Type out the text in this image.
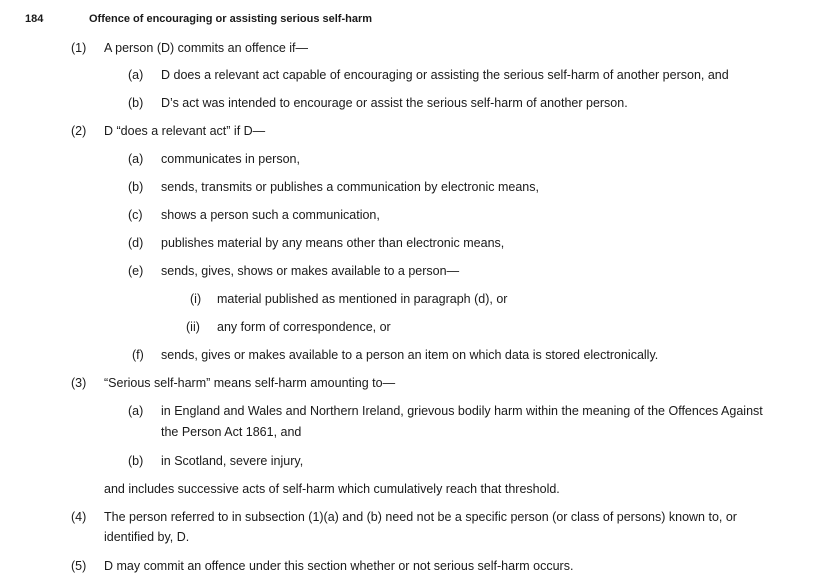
184	Offence of encouraging or assisting serious self-harm
(1) A person (D) commits an offence if—
(a) D does a relevant act capable of encouraging or assisting the serious self-harm of another person, and
(b) D’s act was intended to encourage or assist the serious self-harm of another person.
(2) D “does a relevant act” if D—
(a) communicates in person,
(b) sends, transmits or publishes a communication by electronic means,
(c) shows a person such a communication,
(d) publishes material by any means other than electronic means,
(e) sends, gives, shows or makes available to a person—
(i) material published as mentioned in paragraph (d), or
(ii) any form of correspondence, or
(f) sends, gives or makes available to a person an item on which data is stored electronically.
(3) “Serious self-harm” means self-harm amounting to—
(a) in England and Wales and Northern Ireland, grievous bodily harm within the meaning of the Offences Against
the Person Act 1861, and
(b) in Scotland, severe injury,
and includes successive acts of self-harm which cumulatively reach that threshold.
(4) The person referred to in subsection (1)(a) and (b) need not be a specific person (or class of persons) known to, or
identified by, D.
(5) D may commit an offence under this section whether or not serious self-harm occurs.
